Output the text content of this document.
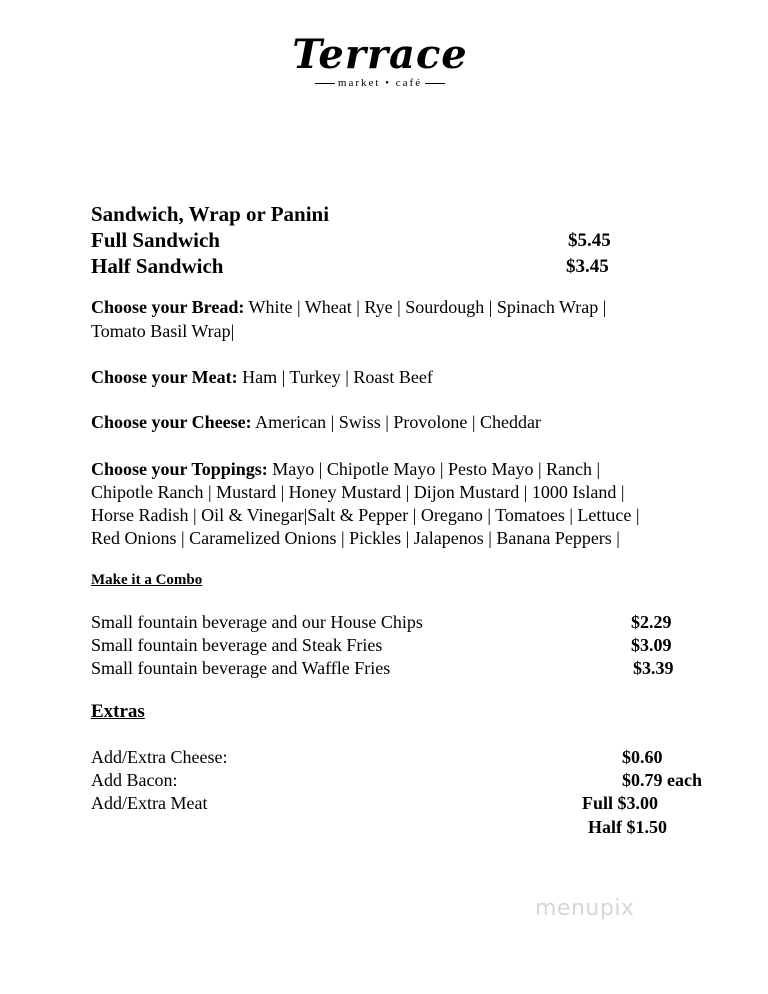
Terrace
market • café
Sandwich, Wrap or Panini
Full Sandwich	$5.45
Half Sandwich	$3.45
Choose your Bread: White | Wheat | Rye | Sourdough | Spinach Wrap |
Tomato Basil Wrap|
Choose your Meat: Ham | Turkey | Roast Beef
Choose your Cheese: American | Swiss | Provolone | Cheddar
Choose your Toppings: Mayo | Chipotle Mayo | Pesto Mayo | Ranch |
Chipotle Ranch | Mustard | Honey Mustard | Dijon Mustard | 1000 Island |
Horse Radish | Oil & Vinegar|Salt & Pepper | Oregano | Tomatoes | Lettuce |
Red Onions | Caramelized Onions | Pickles | Jalapenos | Banana Peppers |
Make it a Combo
Small fountain beverage and our House Chips	$2.29
Small fountain beverage and Steak Fries	$3.09
Small fountain beverage and Waffle Fries	$3.39
Extras
Add/Extra Cheese:	$0.60
Add Bacon:	$0.79 each
Add/Extra Meat	Full $3.00
Half $1.50
menupix
